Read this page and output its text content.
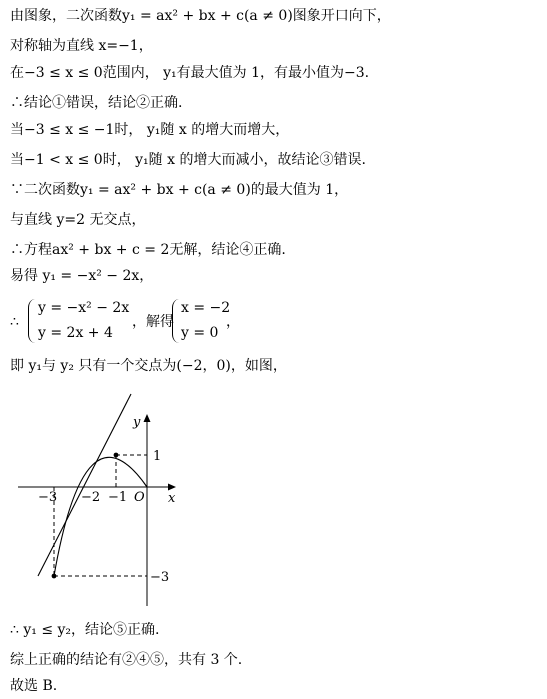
由图象，二次函数y₁ = ax² + bx + c(a ≠ 0)图象开口向下，
对称轴为直线 x=−1，
在−3 ≤ x ≤ 0范围内， y₁有最大值为 1，有最小值为−3.
∴结论①错误，结论②正确.
当−3 ≤ x ≤ −1时， y₁随 x 的增大而增大，
当−1 < x ≤ 0时， y₁随 x 的增大而减小，故结论③错误.
∵二次函数y₁ = ax² + bx + c(a ≠ 0)的最大值为 1，
与直线 y=2 无交点，
∴方程ax² + bx + c = 2无解，结论④正确.
易得 y₁ = −x² − 2x，
∴
y = −x² − 2x
y = 2x + 4
，解得
x = −2
y = 0
，
即 y₁与 y₂ 只有一个交点为(−2，0)，如图，
y
x
O
−3 −2 −1
1
−3
∴ y₁ ≤ y₂，结论⑤正确.
综上正确的结论有②④⑤，共有 3 个.
故选 B.
